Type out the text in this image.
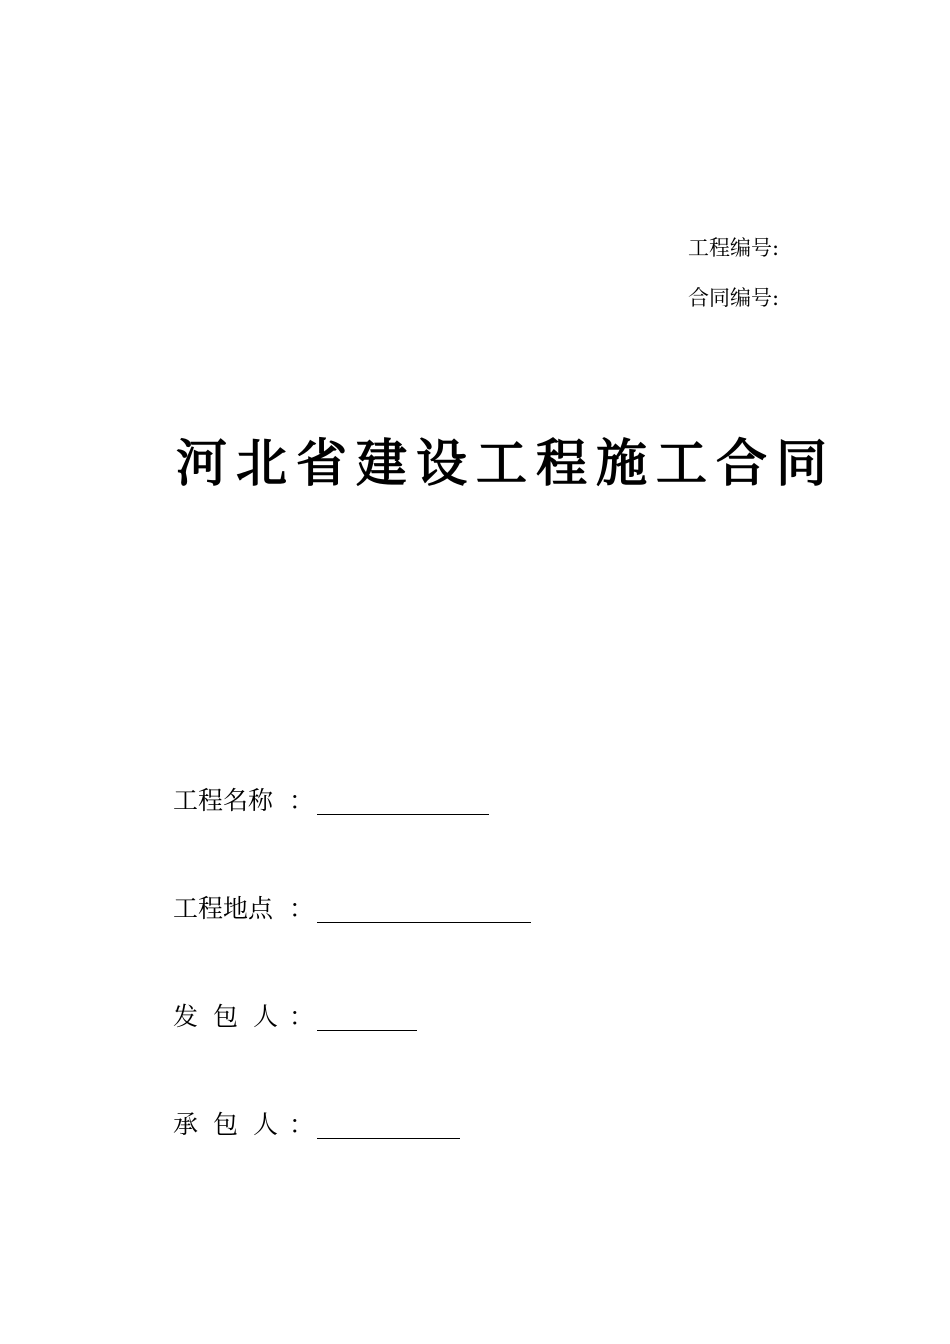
工程编号:
合同编号:
河北省建设工程施工合同
工程名称 ：
工程地点 ：
发包人
：
承包人
：
